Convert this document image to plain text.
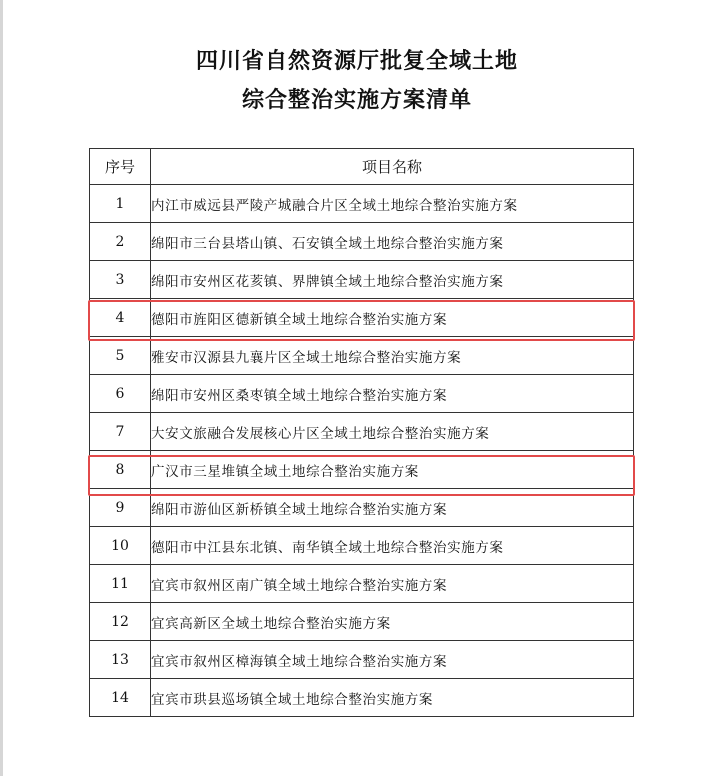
四川省自然资源厅批复全域土地
综合整治实施方案清单
序号	项目名称
1	内江市威远县严陵产城融合片区全域土地综合整治实施方案
2	绵阳市三台县塔山镇、石安镇全域土地综合整治实施方案
3	绵阳市安州区花荄镇、界牌镇全域土地综合整治实施方案
4	德阳市旌阳区德新镇全域土地综合整治实施方案
5	雅安市汉源县九襄片区全域土地综合整治实施方案
6	绵阳市安州区桑枣镇全域土地综合整治实施方案
7	大安文旅融合发展核心片区全域土地综合整治实施方案
8	广汉市三星堆镇全域土地综合整治实施方案
9	绵阳市游仙区新桥镇全域土地综合整治实施方案
10	德阳市中江县东北镇、南华镇全域土地综合整治实施方案
11	宜宾市叙州区南广镇全域土地综合整治实施方案
12	宜宾高新区全域土地综合整治实施方案
13	宜宾市叙州区樟海镇全域土地综合整治实施方案
14	宜宾市珙县巡场镇全域土地综合整治实施方案
